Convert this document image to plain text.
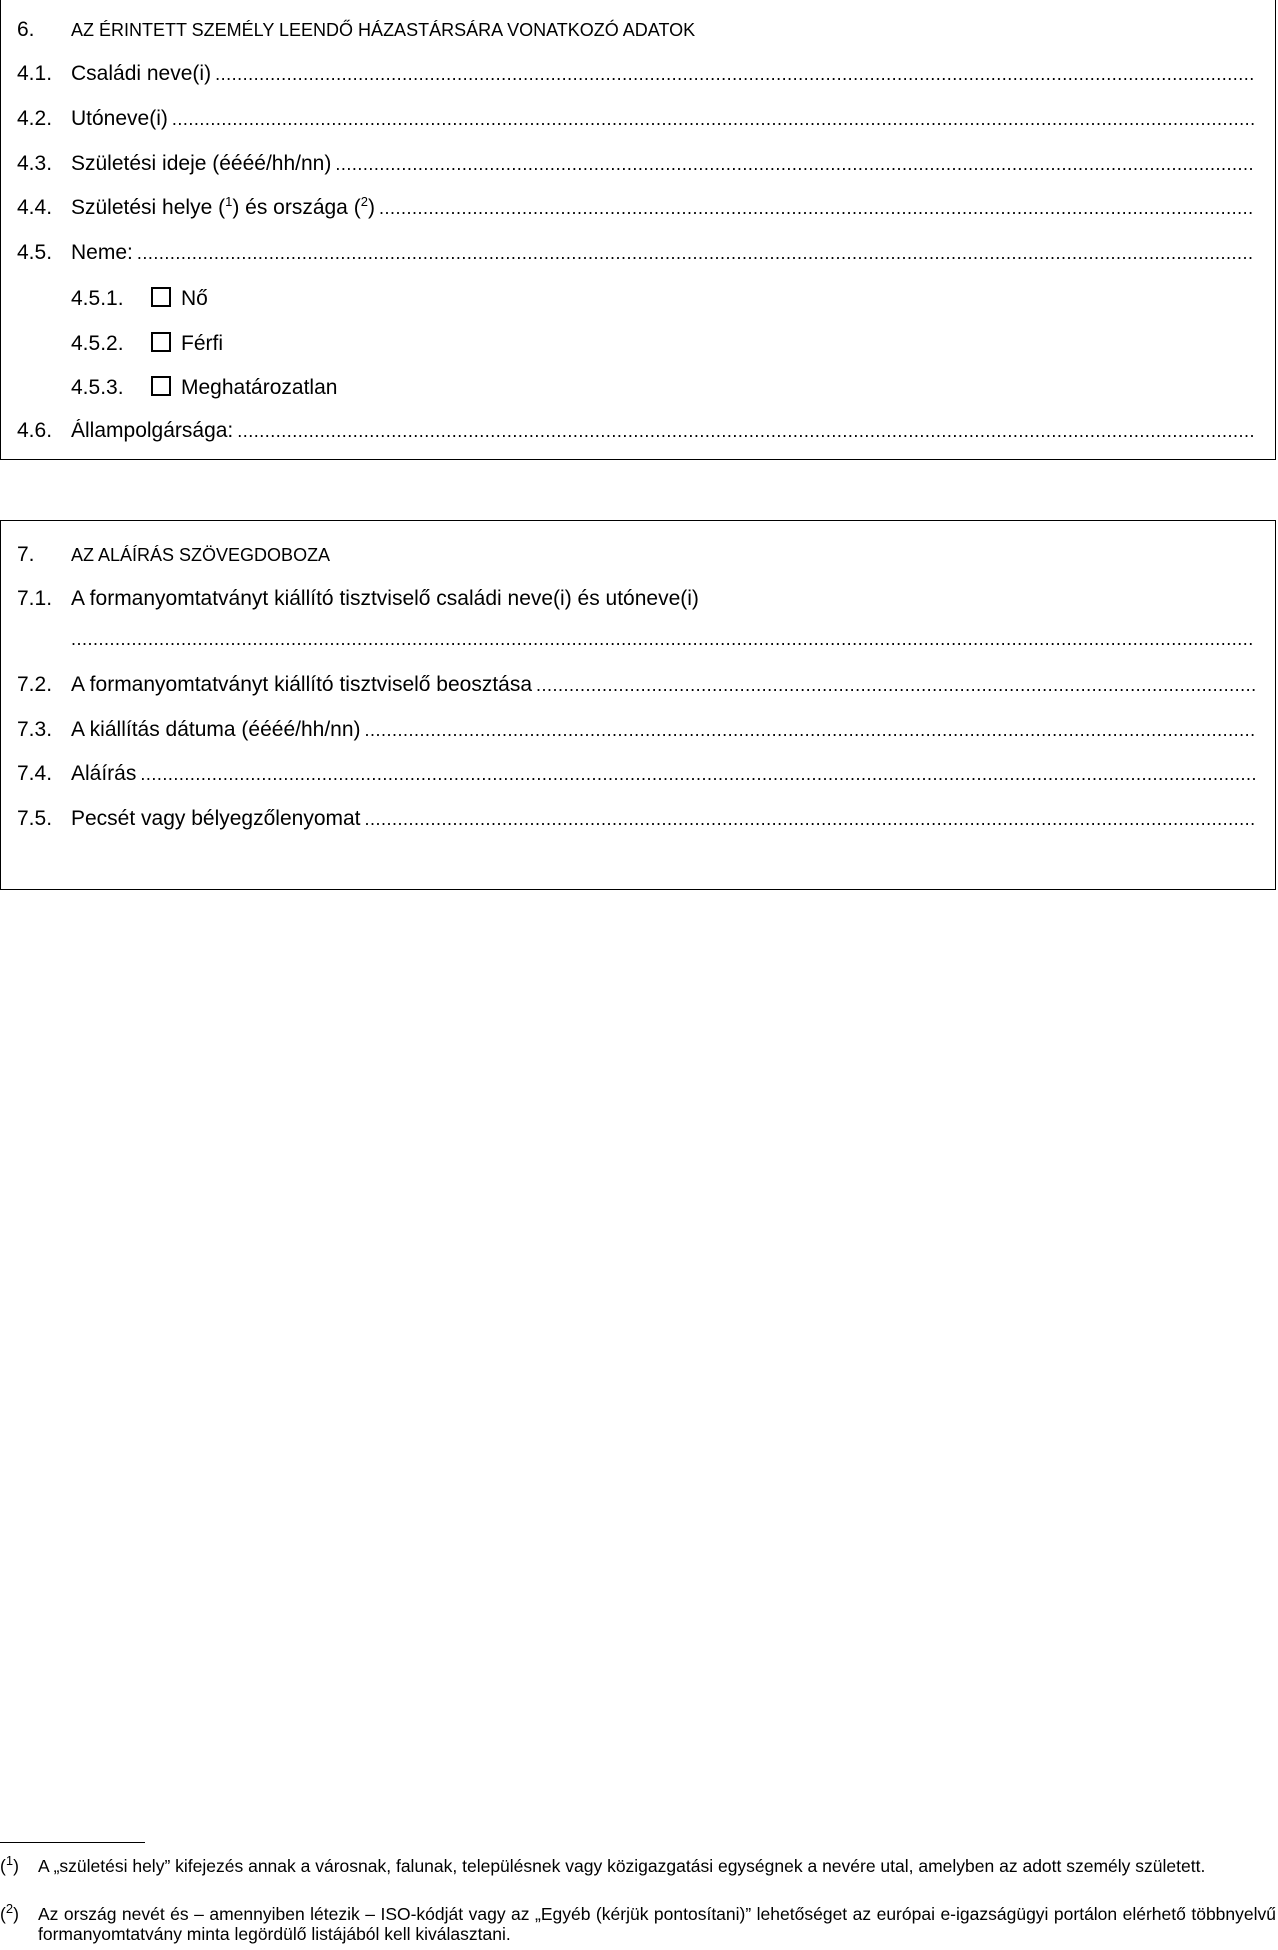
6.	AZ ÉRINTETT SZEMÉLY LEENDŐ HÁZASTÁRSÁRA VONATKOZÓ ADATOK
4.1. Családi neve(i)
.....
4.2. Utóneve(i)
.....
4.3. Születési ideje (éééé/hh/nn)
.....
4.4. Születési helye ($^1$) és országa ($^2$)
.....
4.5. Neme:
.....
4.5.1.	Nő
4.5.2.	Férfi
4.5.3.	Meghatározatlan
4.6. Állampolgársága:
.....
7.	AZ ALÁÍRÁS SZÖVEGDOBOZA
7.1. A formanyomtatványt kiállító tisztviselő családi neve(i) és utóneve(i)
.....
7.2. A formanyomtatványt kiállító tisztviselő beosztása
.....
7.3. A kiállítás dátuma (éééé/hh/nn)
.....
7.4. Aláírás
.....
7.5. Pecsét vagy bélyegzőlenyomat
.....
($^1$) A „születési hely” kifejezés annak a városnak, falunak, településnek vagy közigazgatási egységnek a nevére utal, amelyben az adott személy született.
($^2$) Az ország nevét és – amennyiben létezik – ISO-kódját vagy az „Egyéb (kérjük pontosítani)” lehetőséget az európai e-igazságügyi portálon elérhető többnyelvű formanyomtatvány minta legördülő listájából kell kiválasztani.
